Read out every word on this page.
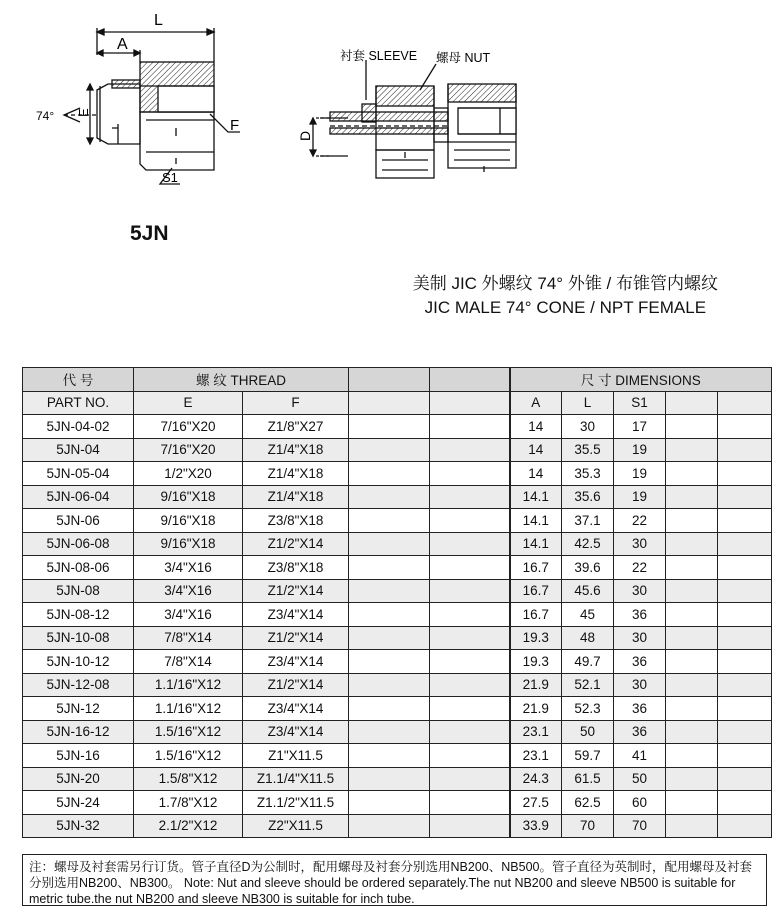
L
A
74° E
F
S1
衬套 SLEEVE 螺母 NUT
D
5JN
美制 JIC 外螺纹 74° 外锥 / 布锥管内螺纹
JIC MALE 74° CONE / NPT FEMALE
代 号	螺 纹 THREAD				尺 寸 DIMENSIONS				
PART NO.	E	F			A	L	S1		
5JN-04-02	7/16"X20	Z1/8"X27			14	30	17		
5JN-04	7/16"X20	Z1/4"X18			14	35.5	19		
5JN-05-04	1/2"X20	Z1/4"X18			14	35.3	19		
5JN-06-04	9/16"X18	Z1/4"X18			14.1	35.6	19		
5JN-06	9/16"X18	Z3/8"X18			14.1	37.1	22		
5JN-06-08	9/16"X18	Z1/2"X14			14.1	42.5	30		
5JN-08-06	3/4"X16	Z3/8"X18			16.7	39.6	22		
5JN-08	3/4"X16	Z1/2"X14			16.7	45.6	30		
5JN-08-12	3/4"X16	Z3/4"X14			16.7	45	36		
5JN-10-08	7/8"X14	Z1/2"X14			19.3	48	30		
5JN-10-12	7/8"X14	Z3/4"X14			19.3	49.7	36		
5JN-12-08	1.1/16"X12	Z1/2"X14			21.9	52.1	30		
5JN-12	1.1/16"X12	Z3/4"X14			21.9	52.3	36		
5JN-16-12	1.5/16"X12	Z3/4"X14			23.1	50	36		
5JN-16	1.5/16"X12	Z1"X11.5			23.1	59.7	41		
5JN-20	1.5/8"X12	Z1.1/4"X11.5			24.3	61.5	50		
5JN-24	1.7/8"X12	Z1.1/2"X11.5			27.5	62.5	60		
5JN-32	2.1/2"X12	Z2"X11.5			33.9	70	70		
注：螺母及衬套需另行订货。管子直径D为公制时，配用螺母及衬套分别选用NB200、NB500。管子直径为英制时，配用螺母及衬套分别选用NB200、NB300。 Note: Nut and sleeve should be ordered separately.The nut NB200 and sleeve NB500 is suitable for metric tube.the nut NB200 and sleeve NB300 is suitable for inch tube.
